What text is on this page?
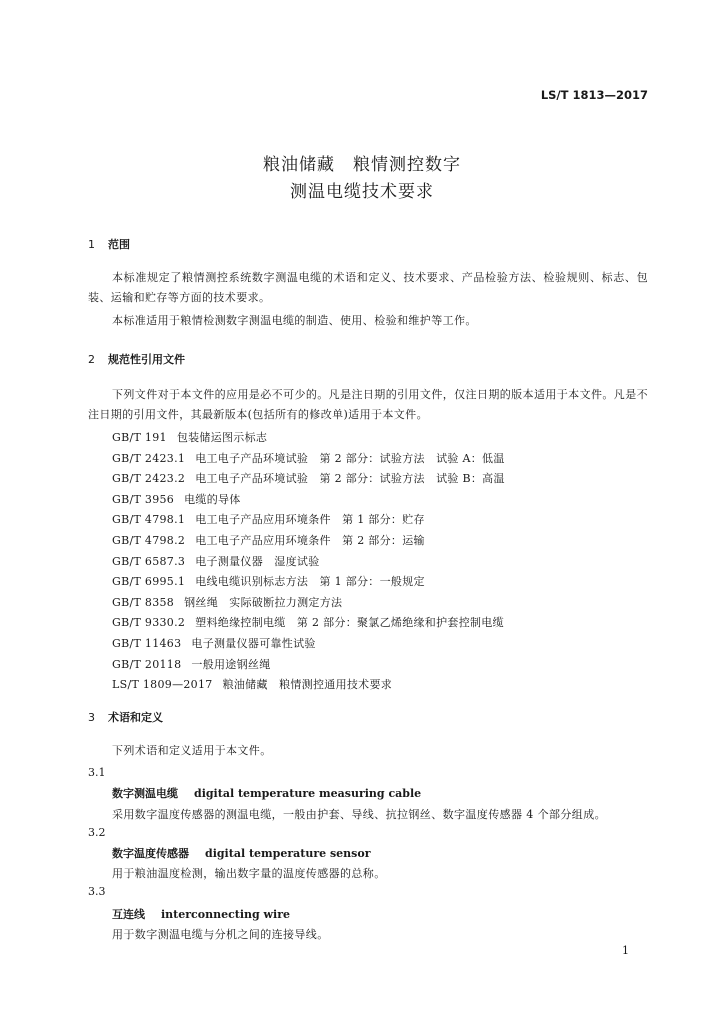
LS/T 1813—2017
粮油储藏　粮情测控数字
测温电缆技术要求
1 范围
本标准规定了粮情测控系统数字测温电缆的术语和定义、技术要求、产品检验方法、检验规则、标志、包装、运输和贮存等方面的技术要求。
本标准适用于粮情检测数字测温电缆的制造、使用、检验和维护等工作。
2 规范性引用文件
下列文件对于本文件的应用是必不可少的。凡是注日期的引用文件，仅注日期的版本适用于本文件。凡是不注日期的引用文件，其最新版本(包括所有的修改单)适用于本文件。
GB/T 191 包装储运图示标志
GB/T 2423.1 电工电子产品环境试验　第 2 部分：试验方法　试验 A：低温
GB/T 2423.2 电工电子产品环境试验　第 2 部分：试验方法　试验 B：高温
GB/T 3956 电缆的导体
GB/T 4798.1 电工电子产品应用环境条件　第 1 部分：贮存
GB/T 4798.2 电工电子产品应用环境条件　第 2 部分：运输
GB/T 6587.3 电子测量仪器　湿度试验
GB/T 6995.1 电线电缆识别标志方法　第 1 部分：一般规定
GB/T 8358 钢丝绳　实际破断拉力测定方法
GB/T 9330.2 塑料绝缘控制电缆　第 2 部分：聚氯乙烯绝缘和护套控制电缆
GB/T 11463 电子测量仪器可靠性试验
GB/T 20118 一般用途钢丝绳
LS/T 1809—2017 粮油储藏　粮情测控通用技术要求
3 术语和定义
下列术语和定义适用于本文件。
3.1
数字测温电缆 digital temperature measuring cable
采用数字温度传感器的测温电缆，一般由护套、导线、抗拉钢丝、数字温度传感器 4 个部分组成。
3.2
数字温度传感器 digital temperature sensor
用于粮油温度检测，输出数字量的温度传感器的总称。
3.3
互连线 interconnecting wire
用于数字测温电缆与分机之间的连接导线。
1
